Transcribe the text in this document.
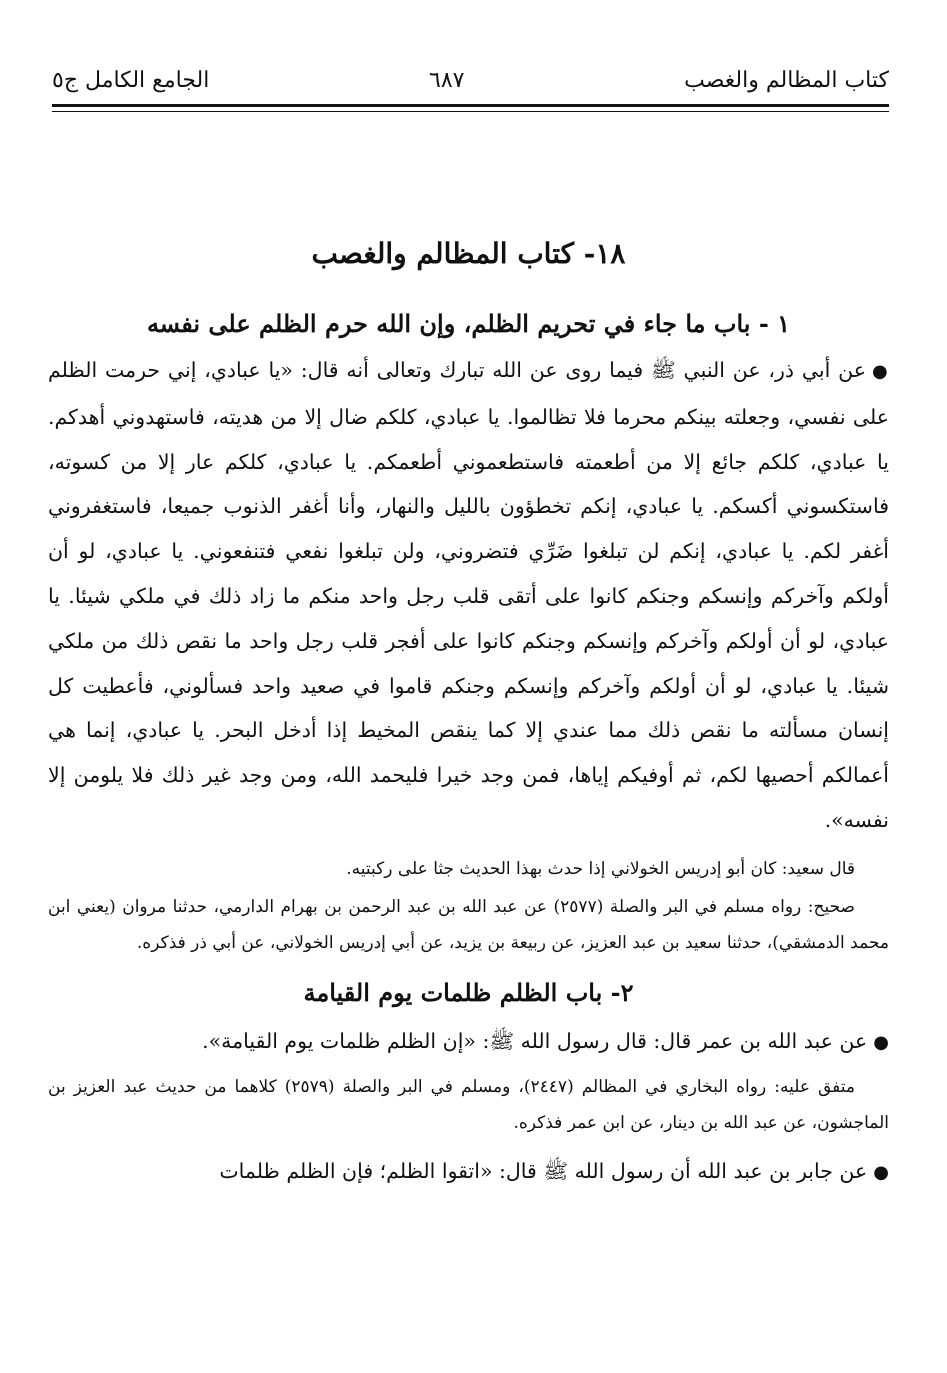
كتاب المظالم والغصب
٦٨٧
الجامع الكامل ج٥
١٨- كتاب المظالم والغصب
١ - باب ما جاء في تحريم الظلم، وإن الله حرم الظلم على نفسه

●عن أبي ذر، عن النبي ﷺ فيما روى عن الله تبارك وتعالى أنه قال: «يا عبادي، إني حرمت الظلم على نفسي، وجعلته بينكم محرما فلا تظالموا. يا عبادي، كلكم ضال إلا من هديته، فاستهدوني أهدكم. يا عبادي، كلكم جائع إلا من أطعمته فاستطعموني أطعمكم. يا عبادي، كلكم عار إلا من كسوته، فاستكسوني أكسكم. يا عبادي، إنكم تخطؤون بالليل والنهار، وأنا أغفر الذنوب جميعا، فاستغفروني أغفر لكم. يا عبادي، إنكم لن تبلغوا ضَرِّي فتضروني، ولن تبلغوا نفعي فتنفعوني. يا عبادي، لو أن أولكم وآخركم وإنسكم وجنكم كانوا على أتقى قلب رجل واحد منكم ما زاد ذلك في ملكي شيئا. يا عبادي، لو أن أولكم وآخركم وإنسكم وجنكم كانوا على أفجر قلب رجل واحد ما نقص ذلك من ملكي شيئا. يا عبادي، لو أن أولكم وآخركم وإنسكم وجنكم قاموا في صعيد واحد فسألوني، فأعطيت كل إنسان مسألته ما نقص ذلك مما عندي إلا كما ينقص المخيط إذا أدخل البحر. يا عبادي، إنما هي أعمالكم أحصيها لكم، ثم أوفيكم إياها، فمن وجد خيرا فليحمد الله، ومن وجد غير ذلك فلا يلومن إلا نفسه».

قال سعيد: كان أبو إدريس الخولاني إذا حدث بهذا الحديث جثا على ركبتيه.

صحيح: رواه مسلم في البر والصلة (٢٥٧٧) عن عبد الله بن عبد الرحمن بن بهرام الدارمي، حدثنا مروان (يعني ابن محمد الدمشقي)، حدثنا سعيد بن عبد العزيز، عن ربيعة بن يزيد، عن أبي إدريس الخولاني، عن أبي ذر فذكره.

٢- باب الظلم ظلمات يوم القيامة

●عن عبد الله بن عمر قال: قال رسول الله ﷺ: «إن الظلم ظلمات يوم القيامة».

متفق عليه: رواه البخاري في المظالم (٢٤٤٧)، ومسلم في البر والصلة (٢٥٧٩) كلاهما من حديث عبد العزيز بن الماجشون، عن عبد الله بن دينار، عن ابن عمر فذكره.

●عن جابر بن عبد الله أن رسول الله ﷺ قال: «اتقوا الظلم؛ فإن الظلم ظلمات
